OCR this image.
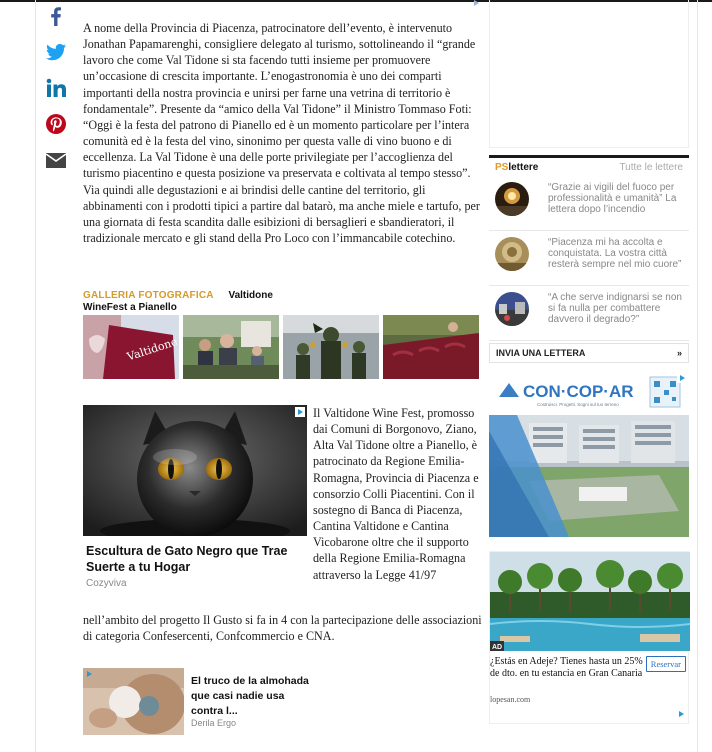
A nome della Provincia di Piacenza, patrocinatore dell’evento, è intervenuto Jonathan Papamarenghi, consigliere delegato al turismo, sottolineando il “grande lavoro che come Val Tidone si sta facendo tutti insieme per promuovere un’occasione di crescita importante. L’enogastronomia è uno dei comparti importanti della nostra provincia e unirsi per farne una vetrina di territorio è fondamentale”. Presente da “amico della Val Tidone” il Ministro Tommaso Foti: “Oggi è la festa del patrono di Pianello ed è un momento particolare per l’intera comunità ed è la festa del vino, sinonimo per questa valle di vino buono e di eccellenza. La Val Tidone è una delle porte privilegiate per l’accoglienza del turismo piacentino e questa posizione va preservata e coltivata al tempo stesso”. Via quindi alle degustazioni e ai brindisi delle cantine del territorio, gli abbinamenti con i prodotti tipici a partire dal batarò, ma anche miele e tartufo, per una giornata di festa scandita dalle esibizioni di bersaglieri e sbandieratori, il tradizionale mercato e gli stand della Pro Loco con l’immancabile cotechino.

GALLERIA FOTOGRAFICA Valtidone
WineFest a Pianello
Valtidone
Escultura de Gato Negro que Trae Suerte a tu Hogar
Cozyviva
Il Valtidone Wine Fest, promosso dai Comuni di Borgonovo, Ziano, Alta Val Tidone oltre a Pianello, è patrocinato da Regione Emilia-Romagna, Provincia di Piacenza e consorzio Colli Piacentini. Con il sostegno di Banca di Piacenza, Cantina Valtidone e Cantina Vicobarone oltre che il supporto della Regione Emilia-Romagna attraverso la Legge 41/97
nell’ambito del progetto Il Gusto si fa in 4 con la partecipazione delle associazioni di categoria Confesercenti, Confcommercio e CNA.
El truco de la almohada que casi nadie usa contra l...
Derila Ergo
PSlettere	Tutte le lettere
“Grazie ai vigili del fuoco per professionalità e umanità” La lettera dopo l’incendio
“Piacenza mi ha accolta e conquistata. La vostra città resterà sempre nel mio cuore”
“A che serve indignarsi se non si fa nulla per combattere davvero il degrado?”
INVIA UNA LETTERA	»
CON·COP·AR
Costruisci. Progetti. Sogni sul tuo terreno
AD
¿Estás en Adeje? Tienes hasta un 25% de dto. en tu estancia en Gran Canaria
lopesan.com
Reservar
